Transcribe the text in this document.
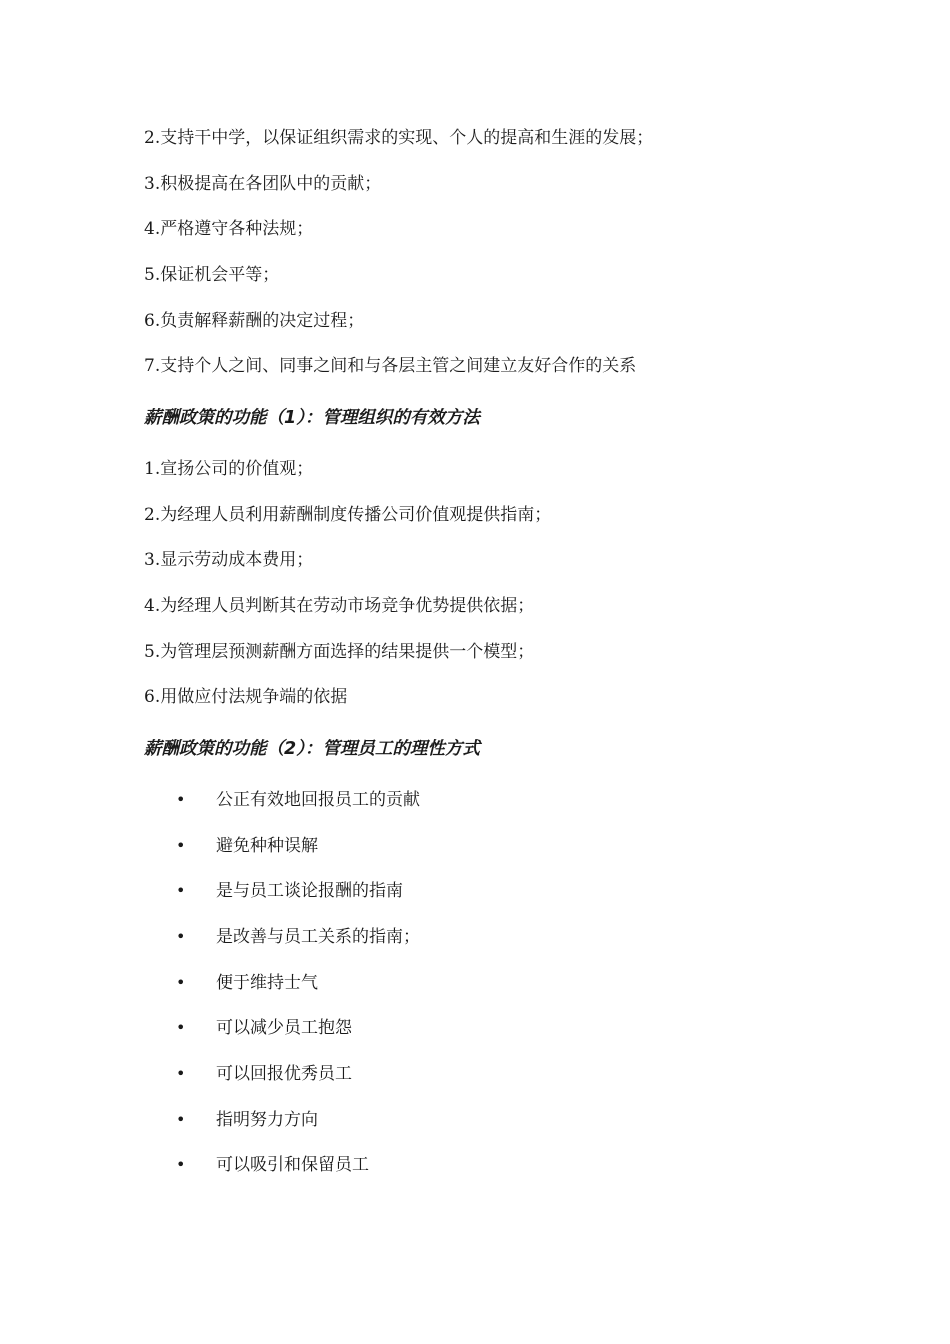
2.支持干中学，以保证组织需求的实现、个人的提高和生涯的发展；
3.积极提高在各团队中的贡献；
4.严格遵守各种法规；
5.保证机会平等；
6.负责解释薪酬的决定过程；
7.支持个人之间、同事之间和与各层主管之间建立友好合作的关系
薪酬政策的功能（1）：管理组织的有效方法
1.宣扬公司的价值观；
2.为经理人员利用薪酬制度传播公司价值观提供指南；
3.显示劳动成本费用；
4.为经理人员判断其在劳动市场竞争优势提供依据；
5.为管理层预测薪酬方面选择的结果提供一个模型；
6.用做应付法规争端的依据
薪酬政策的功能（2）：管理员工的理性方式
• 公正有效地回报员工的贡献
• 避免种种误解
• 是与员工谈论报酬的指南
• 是改善与员工关系的指南；
• 便于维持士气
• 可以减少员工抱怨
• 可以回报优秀员工
• 指明努力方向
• 可以吸引和保留员工
